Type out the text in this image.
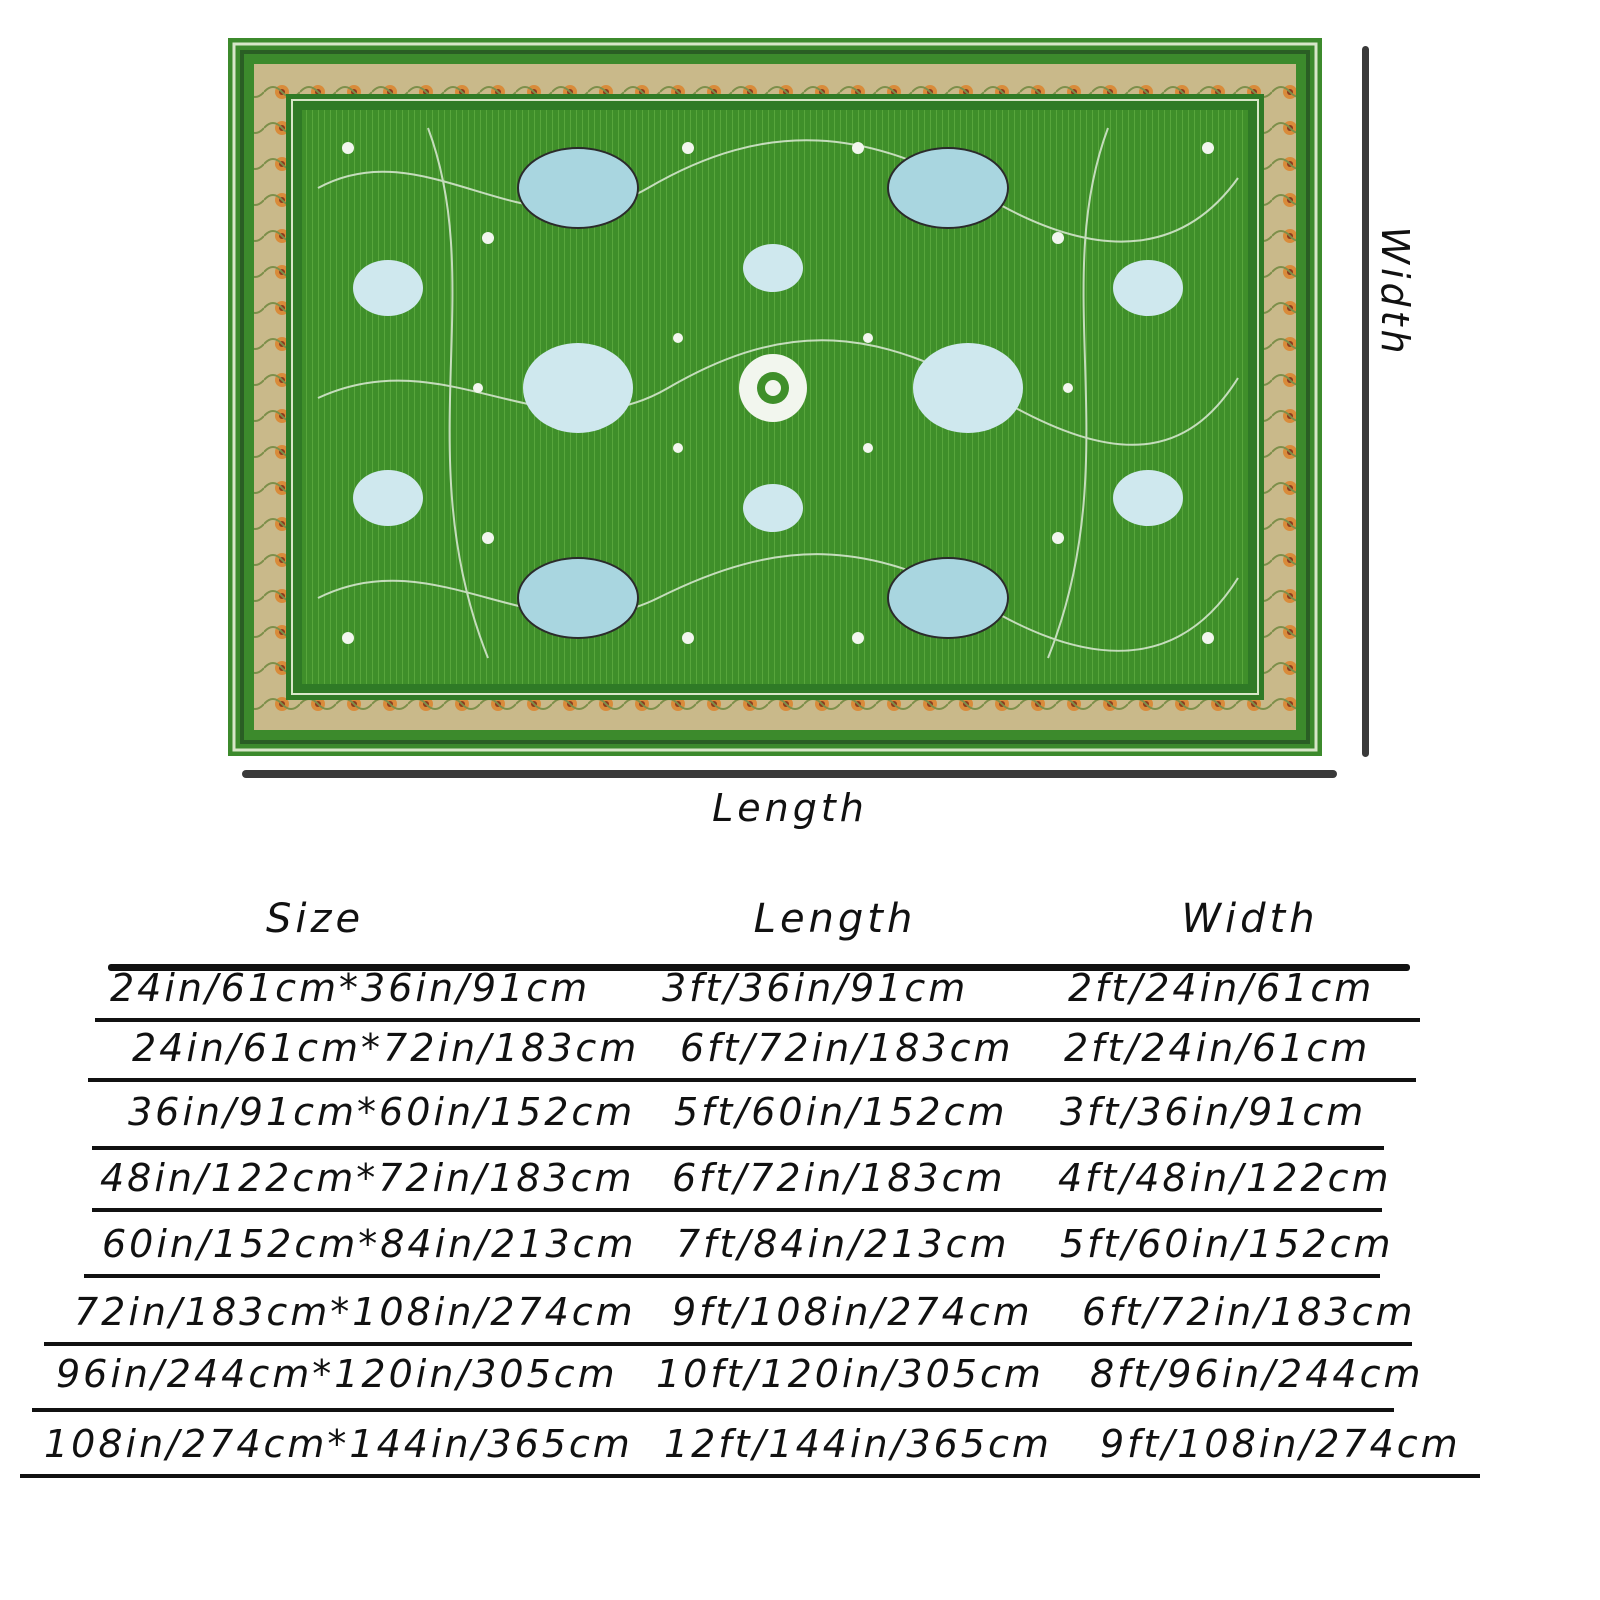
Length
Width
Size	Length	Width
24in/61cm*36in/91cm 3ft/36in/91cm	2ft/24in/61cm
24in/61cm*72in/183cm 6ft/72in/183cm 2ft/24in/61cm
36in/91cm*60in/152cm 5ft/60in/152cm 3ft/36in/91cm
48in/122cm*72in/183cm 6ft/72in/183cm 4ft/48in/122cm
60in/152cm*84in/213cm 7ft/84in/213cm 5ft/60in/152cm
72in/183cm*108in/274cm 9ft/108in/274cm 6ft/72in/183cm
96in/244cm*120in/305cm 10ft/120in/305cm 8ft/96in/244cm
108in/274cm*144in/365cm 12ft/144in/365cm 9ft/108in/274cm
